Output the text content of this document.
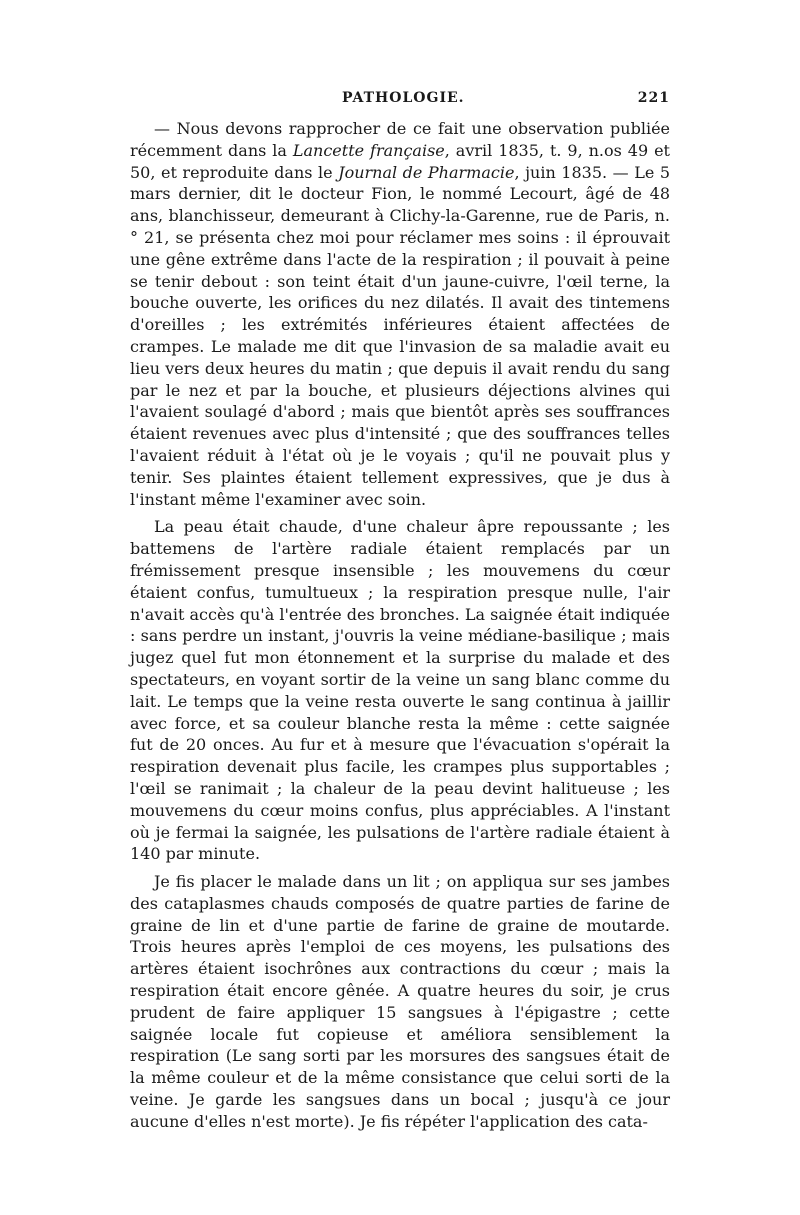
PATHOLOGIE.	221

— Nous devons rapprocher de ce fait une observation publiée récemment dans la Lancette française, avril 1835, t. 9, n.os 49 et 50, et reproduite dans le Journal de Pharmacie, juin 1835. — Le 5 mars dernier, dit le docteur Fion, le nommé Lecourt, âgé de 48 ans, blanchisseur, demeurant à Clichy-la-Garenne, rue de Paris, n.° 21, se présenta chez moi pour réclamer mes soins : il éprouvait une gêne extrême dans l'acte de la respiration ; il pouvait à peine se tenir debout : son teint était d'un jaune-cuivre, l'œil terne, la bouche ouverte, les orifices du nez dilatés. Il avait des tintemens d'oreilles ; les extrémités inférieures étaient affectées de crampes. Le malade me dit que l'invasion de sa maladie avait eu lieu vers deux heures du matin ; que depuis il avait rendu du sang par le nez et par la bouche, et plusieurs déjections alvines qui l'avaient soulagé d'abord ; mais que bientôt après ses souffrances étaient revenues avec plus d'intensité ; que des souffrances telles l'avaient réduit à l'état où je le voyais ; qu'il ne pouvait plus y tenir. Ses plaintes étaient tellement expressives, que je dus à l'instant même l'examiner avec soin.

La peau était chaude, d'une chaleur âpre repoussante ; les battemens de l'artère radiale étaient remplacés par un frémissement presque insensible ; les mouvemens du cœur étaient confus, tumultueux ; la respiration presque nulle, l'air n'avait accès qu'à l'entrée des bronches. La saignée était indiquée : sans perdre un instant, j'ouvris la veine médiane-basilique ; mais jugez quel fut mon étonnement et la surprise du malade et des spectateurs, en voyant sortir de la veine un sang blanc comme du lait. Le temps que la veine resta ouverte le sang continua à jaillir avec force, et sa couleur blanche resta la même : cette saignée fut de 20 onces. Au fur et à mesure que l'évacuation s'opérait la respiration devenait plus facile, les crampes plus supportables ; l'œil se ranimait ; la chaleur de la peau devint halitueuse ; les mouvemens du cœur moins confus, plus appréciables. A l'instant où je fermai la saignée, les pulsations de l'artère radiale étaient à 140 par minute.

Je fis placer le malade dans un lit ; on appliqua sur ses jambes des cataplasmes chauds composés de quatre parties de farine de graine de lin et d'une partie de farine de graine de moutarde. Trois heures après l'emploi de ces moyens, les pulsations des artères étaient isochrônes aux contractions du cœur ; mais la respiration était encore gênée. A quatre heures du soir, je crus prudent de faire appliquer 15 sangsues à l'épigastre ; cette saignée locale fut copieuse et améliora sensiblement la respiration (Le sang sorti par les morsures des sangsues était de la même couleur et de la même consistance que celui sorti de la veine. Je garde les sangsues dans un bocal ; jusqu'à ce jour aucune d'elles n'est morte). Je fis répéter l'application des cata-
